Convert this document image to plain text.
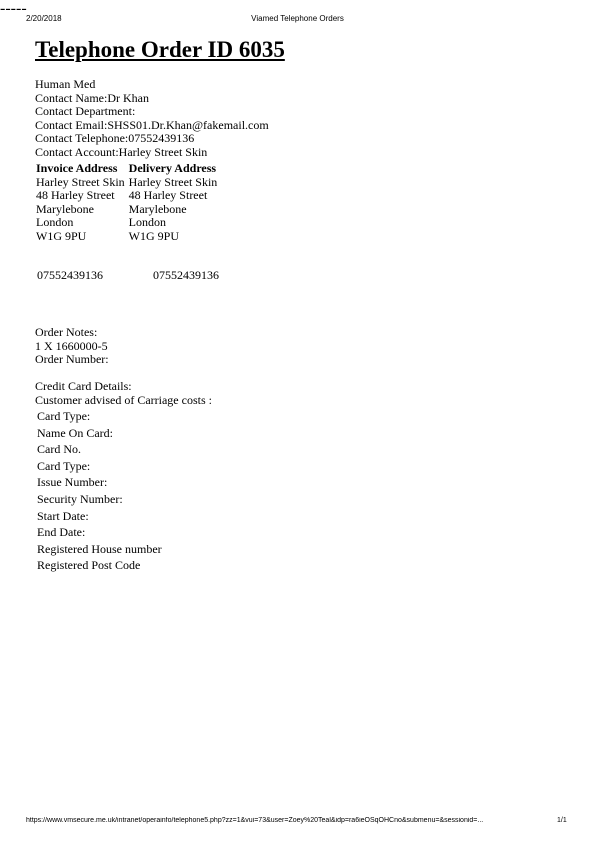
2/20/2018	Viamed Telephone Orders
Telephone Order ID 6035
Human Med
Contact Name:Dr Khan
Contact Department:
Contact Email:SHSS01.Dr.Khan@fakemail.com
Contact Telephone:07552439136
Contact Account:Harley Street Skin
Invoice Address	Delivery Address
Harley Street Skin	Harley Street Skin
48 Harley Street	48 Harley Street
Marylebone	Marylebone
London	London
W1G 9PU	W1G 9PU
-----
07552439136	07552439136
Order Notes:
1 X 1660000-5
Order Number:
Credit Card Details:
Customer advised of Carriage costs :
Card Type:
Name On Card:
Card No.
Card Type:
Issue Number:
Security Number:
Start Date:
End Date:
Registered House number
Registered Post Code
https://www.vmsecure.me.uk/intranet/operainfo/telephone5.php?zz=1&vui=73&user=Zoey%20Teal&idp=ra6ieOSqOHCno&submenu=&sessionid=...	1/1
